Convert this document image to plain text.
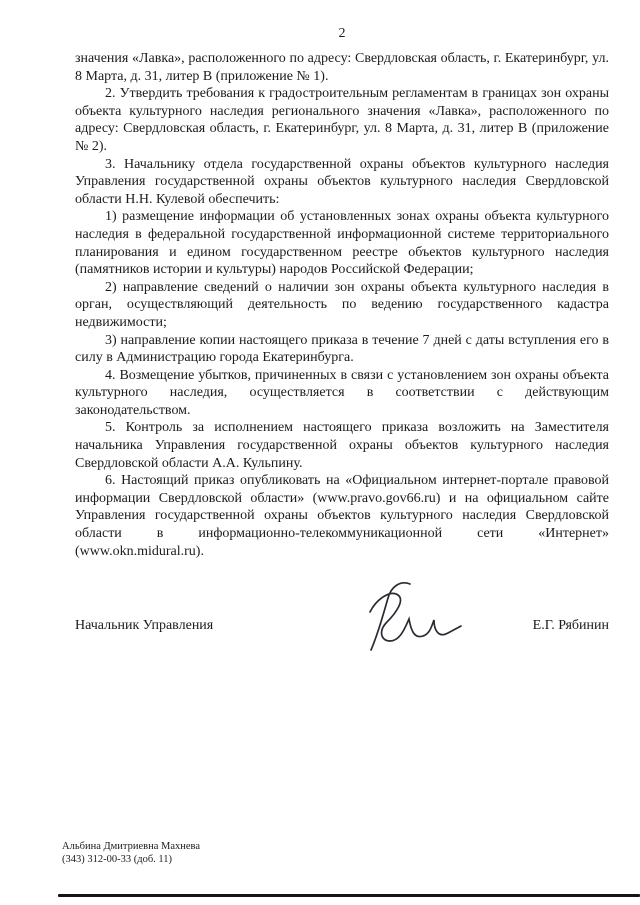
2

значения «Лавка», расположенного по адресу: Свердловская область, г. Екатеринбург, ул. 8 Марта, д. 31, литер В (приложение № 1).

2. Утвердить требования к градостроительным регламентам в границах зон охраны объекта культурного наследия регионального значения «Лавка», расположенного по адресу: Свердловская область, г. Екатеринбург, ул. 8 Марта, д. 31, литер В (приложение № 2).

3. Начальнику отдела государственной охраны объектов культурного наследия Управления государственной охраны объектов культурного наследия Свердловской области Н.Н. Кулевой обеспечить:

1) размещение информации об установленных зонах охраны объекта культурного наследия в федеральной государственной информационной системе территориального планирования и едином государственном реестре объектов культурного наследия (памятников истории и культуры) народов Российской Федерации;

2) направление сведений о наличии зон охраны объекта культурного наследия в орган, осуществляющий деятельность по ведению государственного кадастра недвижимости;

3) направление копии настоящего приказа в течение 7 дней с даты вступления его в силу в Администрацию города Екатеринбурга.

4. Возмещение убытков, причиненных в связи с установлением зон охраны объекта культурного наследия, осуществляется в соответствии с действующим законодательством.

5. Контроль за исполнением настоящего приказа возложить на Заместителя начальника Управления государственной охраны объектов культурного наследия Свердловской области А.А. Кульпину.

6. Настоящий приказ опубликовать на «Официальном интернет-портале правовой информации Свердловской области» (www.pravo.gov66.ru) и на официальном сайте Управления государственной охраны объектов культурного наследия Свердловской области в информационно-телекоммуникационной сети «Интернет» (www.okn.midural.ru).

Начальник Управления	Е.Г. Рябинин
Альбина Дмитриевна Махнева
(343) 312-00-33 (доб. 11)
